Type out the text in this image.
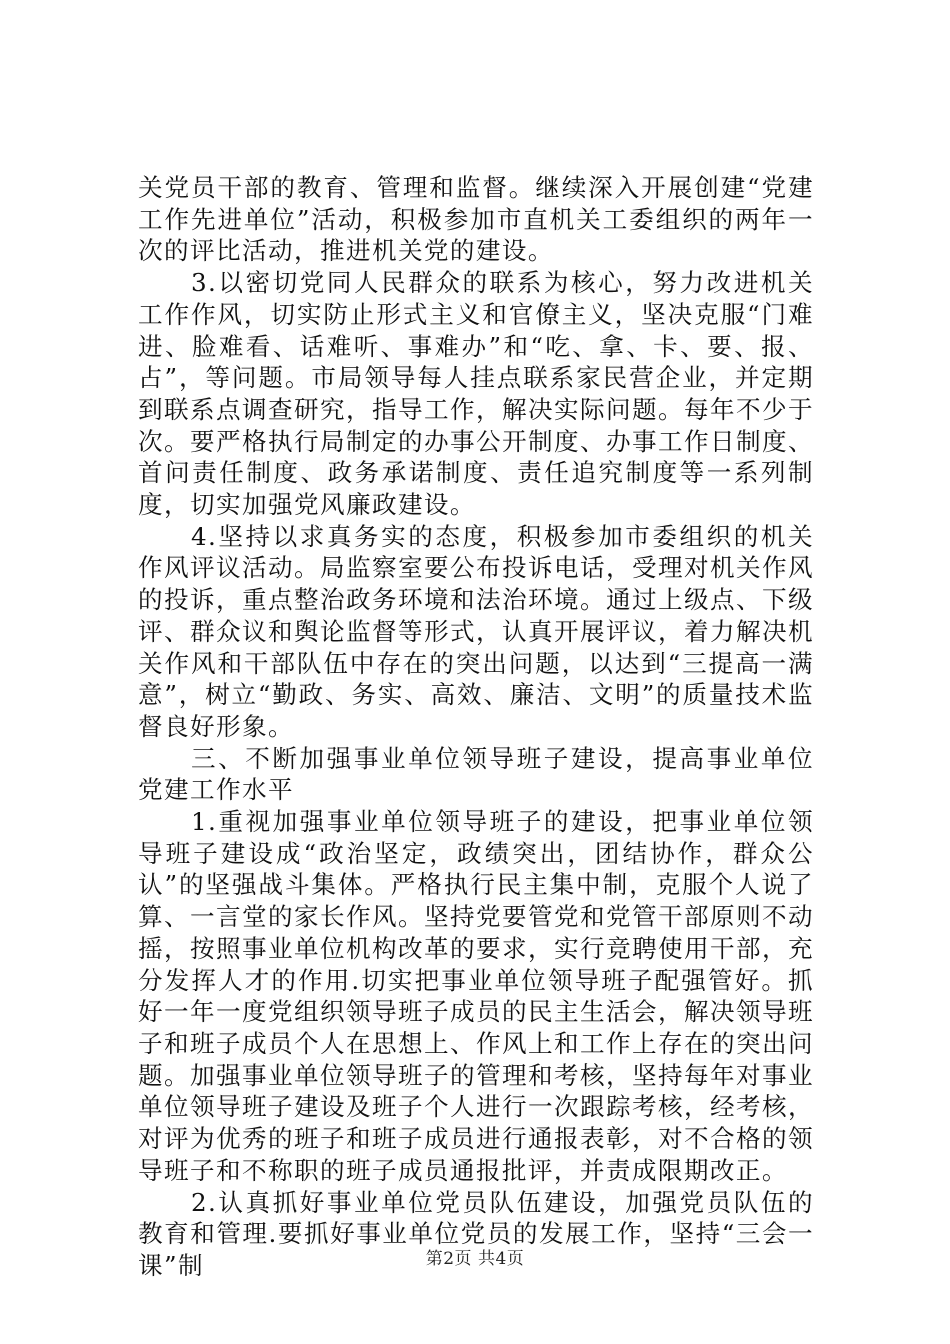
关党员干部的教育、管理和监督。继续深入开展创建“党建工作先进单位”活动，积极参加市直机关工委组织的两年一次的评比活动，推进机关党的建设。

3.以密切党同人民群众的联系为核心，努力改进机关工作作风，切实防止形式主义和官僚主义，坚决克服“门难进、脸难看、话难听、事难办”和“吃、拿、卡、要、报、占”，等问题。市局领导每人挂点联系家民营企业，并定期到联系点调查研究，指导工作，解决实际问题。每年不少于次。要严格执行局制定的办事公开制度、办事工作日制度、首问责任制度、政务承诺制度、责任追究制度等一系列制度，切实加强党风廉政建设。

4.坚持以求真务实的态度，积极参加市委组织的机关作风评议活动。局监察室要公布投诉电话，受理对机关作风的投诉，重点整治政务环境和法治环境。通过上级点、下级评、群众议和舆论监督等形式，认真开展评议，着力解决机关作风和干部队伍中存在的突出问题，以达到“三提高一满意”，树立“勤政、务实、高效、廉洁、文明”的质量技术监督良好形象。

三、不断加强事业单位领导班子建设，提高事业单位党建工作水平

1.重视加强事业单位领导班子的建设，把事业单位领导班子建设成“政治坚定，政绩突出，团结协作，群众公认”的坚强战斗集体。严格执行民主集中制，克服个人说了算、一言堂的家长作风。坚持党要管党和党管干部原则不动摇，按照事业单位机构改革的要求，实行竞聘使用干部，充分发挥人才的作用.切实把事业单位领导班子配强管好。抓好一年一度党组织领导班子成员的民主生活会，解决领导班子和班子成员个人在思想上、作风上和工作上存在的突出问题。加强事业单位领导班子的管理和考核，坚持每年对事业单位领导班子建设及班子个人进行一次跟踪考核，经考核，对评为优秀的班子和班子成员进行通报表彰，对不合格的领导班子和不称职的班子成员通报批评，并责成限期改正。

2.认真抓好事业单位党员队伍建设，加强党员队伍的教育和管理.要抓好事业单位党员的发展工作，坚持“三会一课”制	第2页 共4页
